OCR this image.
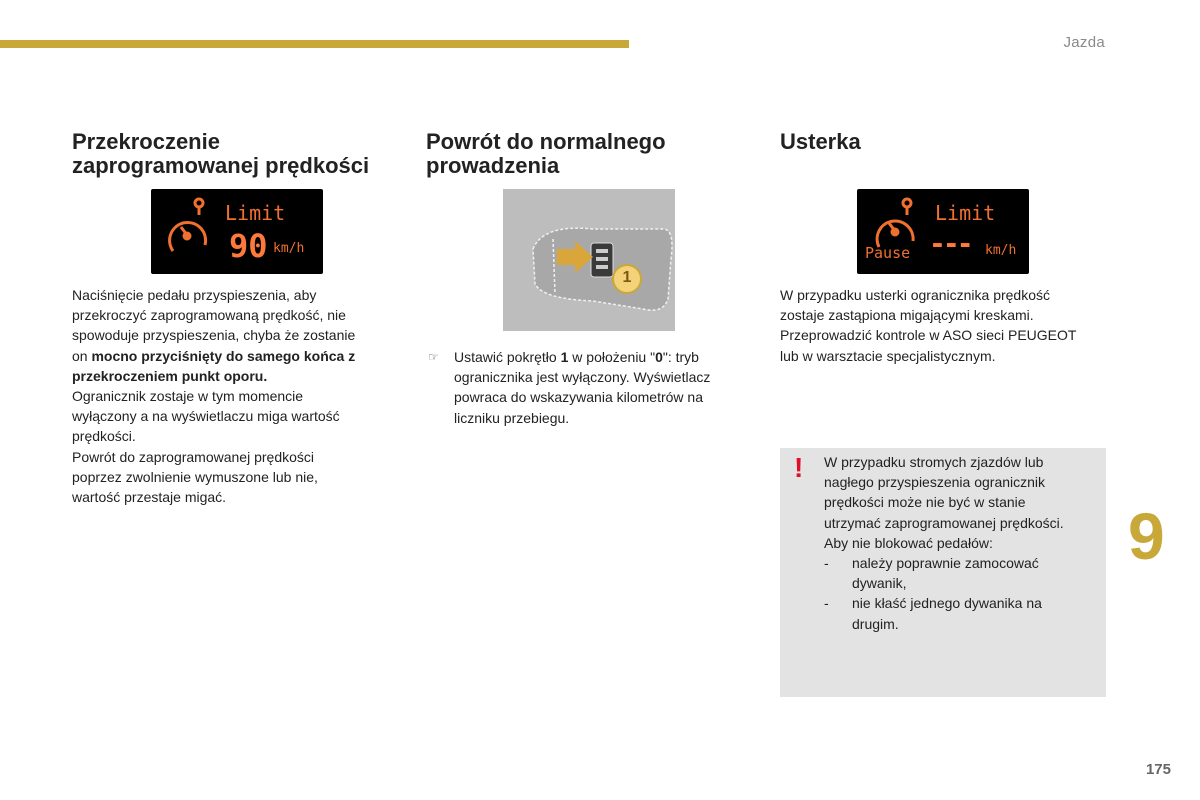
Jazda
Przekroczenie
zaprogramowanej prędkości
Limit
90 km/h
Naciśnięcie pedału przyspieszenia, aby
przekroczyć zaprogramowaną prędkość, nie
spowoduje przyspieszenia, chyba że zostanie
on mocno przyciśnięty do samego końca z
przekroczeniem punkt oporu.
Ogranicznik zostaje w tym momencie
wyłączony a na wyświetlaczu miga wartość
prędkości.
Powrót do zaprogramowanej prędkości
poprzez zwolnienie wymuszone lub nie,
wartość przestaje migać.
Powrót do normalnego
prowadzenia
1
☞ Ustawić pokrętło 1 w położeniu "0": tryb
ogranicznika jest wyłączony. Wyświetlacz
powraca do wskazywania kilometrów na
liczniku przebiegu.
Usterka
Limit
Pause --- km/h
W przypadku usterki ogranicznika prędkość
zostaje zastąpiona migającymi kreskami.
Przeprowadzić kontrole w ASO sieci PEUGEOT
lub w warsztacie specjalistycznym.
! W przypadku stromych zjazdów lub
nagłego przyspieszenia ogranicznik
prędkości może nie być w stanie
utrzymać zaprogramowanej prędkości.
Aby nie blokować pedałów:
- należy poprawnie zamocować
dywanik,
- nie kłaść jednego dywanika na
drugim.
9
175
